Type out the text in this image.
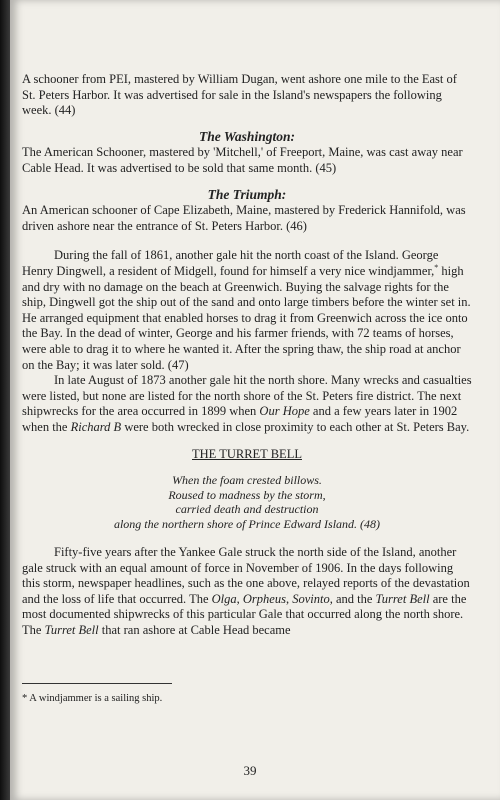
A schooner from PEI, mastered by William Dugan, went ashore one mile to the East of St. Peters Harbor. It was advertised for sale in the Island's newspapers the following week. (44)

The Washington:

The American Schooner, mastered by 'Mitchell,' of Freeport, Maine, was cast away near Cable Head. It was advertised to be sold that same month. (45)

The Triumph:

An American schooner of Cape Elizabeth, Maine, mastered by Frederick Hannifold, was driven ashore near the entrance of St. Peters Harbor. (46)

During the fall of 1861, another gale hit the north coast of the Island. George Henry Dingwell, a resident of Midgell, found for himself a very nice windjammer,* high and dry with no damage on the beach at Greenwich. Buying the salvage rights for the ship, Dingwell got the ship out of the sand and onto large timbers before the winter set in. He arranged equipment that enabled horses to drag it from Greenwich across the ice onto the Bay. In the dead of winter, George and his farmer friends, with 72 teams of horses, were able to drag it to where he wanted it. After the spring thaw, the ship road at anchor on the Bay; it was later sold. (47)

In late August of 1873 another gale hit the north shore. Many wrecks and casualties were listed, but none are listed for the north shore of the St. Peters fire district. The next shipwrecks for the area occurred in 1899 when Our Hope and a few years later in 1902 when the Richard B were both wrecked in close proximity to each other at St. Peters Bay.

THE TURRET BELL
When the foam crested billows.
Roused to madness by the storm,
carried death and destruction
along the northern shore of Prince Edward Island. (48)

Fifty-five years after the Yankee Gale struck the north side of the Island, another gale struck with an equal amount of force in November of 1906. In the days following this storm, newspaper headlines, such as the one above, relayed reports of the devastation and the loss of life that occurred. The Olga, Orpheus, Sovinto, and the Turret Bell are the most documented shipwrecks of this particular Gale that occurred along the north shore. The Turret Bell that ran ashore at Cable Head became

* A windjammer is a sailing ship.
39
